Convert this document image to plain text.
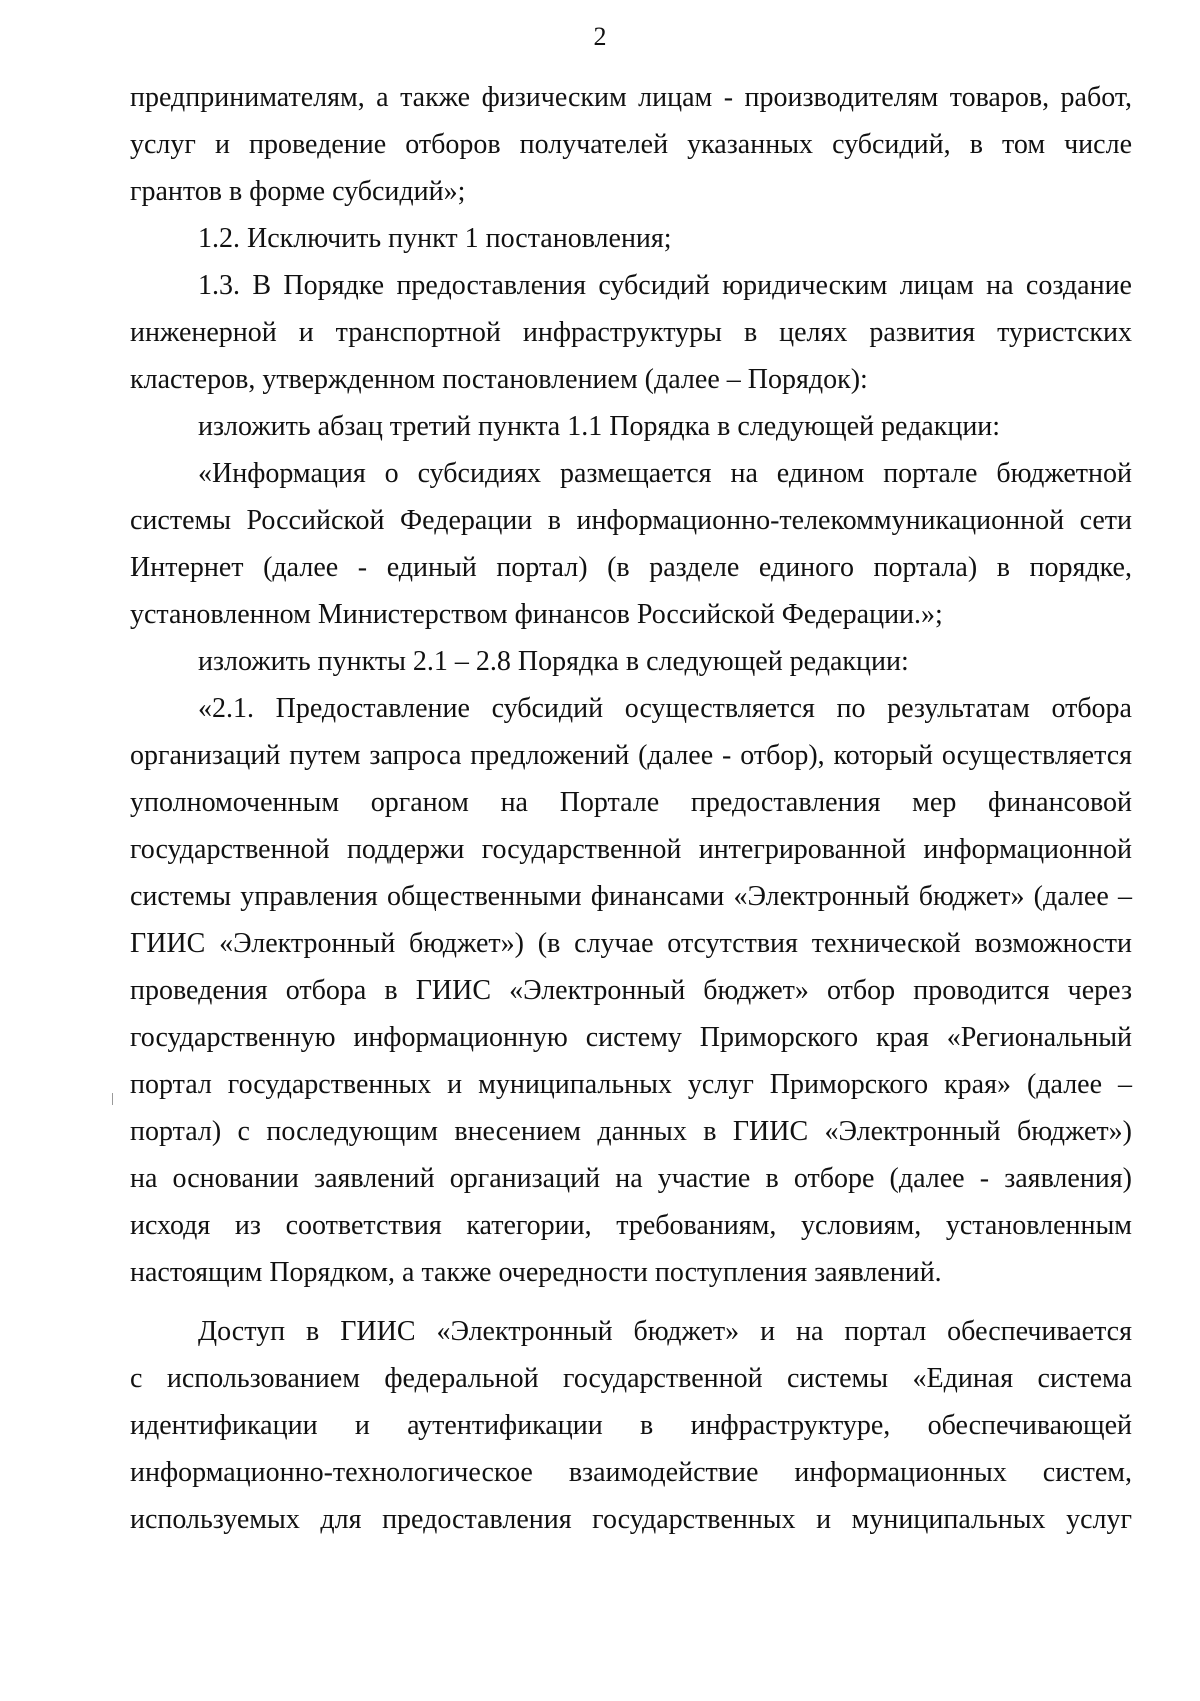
2
предпринимателям, а также физическим лицам - производителям товаров, работ,
услуг и проведение отборов получателей указанных субсидий, в том числе
грантов в форме субсидий»;
1.2. Исключить пункт 1 постановления;
1.3. В Порядке предоставления субсидий юридическим лицам на создание
инженерной и транспортной инфраструктуры в целях развития туристских
кластеров, утвержденном постановлением (далее – Порядок):
изложить абзац третий пункта 1.1 Порядка в следующей редакции:
«Информация о субсидиях размещается на едином портале бюджетной
системы Российской Федерации в информационно-телекоммуникационной сети
Интернет (далее - единый портал) (в разделе единого портала) в порядке,
установленном Министерством финансов Российской Федерации.»;
изложить пункты 2.1 – 2.8 Порядка в следующей редакции:
«2.1. Предоставление субсидий осуществляется по результатам отбора
организаций путем запроса предложений (далее - отбор), который осуществляется
уполномоченным органом на Портале предоставления мер финансовой
государственной поддержи государственной интегрированной информационной
системы управления общественными финансами «Электронный бюджет» (далее –
ГИИС «Электронный бюджет») (в случае отсутствия технической возможности
проведения отбора в ГИИС «Электронный бюджет» отбор проводится через
государственную информационную систему Приморского края «Региональный
портал государственных и муниципальных услуг Приморского края» (далее –
портал) с последующим внесением данных в ГИИС «Электронный бюджет»)
на основании заявлений организаций на участие в отборе (далее - заявления)
исходя из соответствия категории, требованиям, условиям, установленным
настоящим Порядком, а также очередности поступления заявлений.
Доступ в ГИИС «Электронный бюджет» и на портал обеспечивается
с использованием федеральной государственной системы «Единая система
идентификации и аутентификации в инфраструктуре, обеспечивающей
информационно-технологическое взаимодействие информационных систем,
используемых для предоставления государственных и муниципальных услуг
